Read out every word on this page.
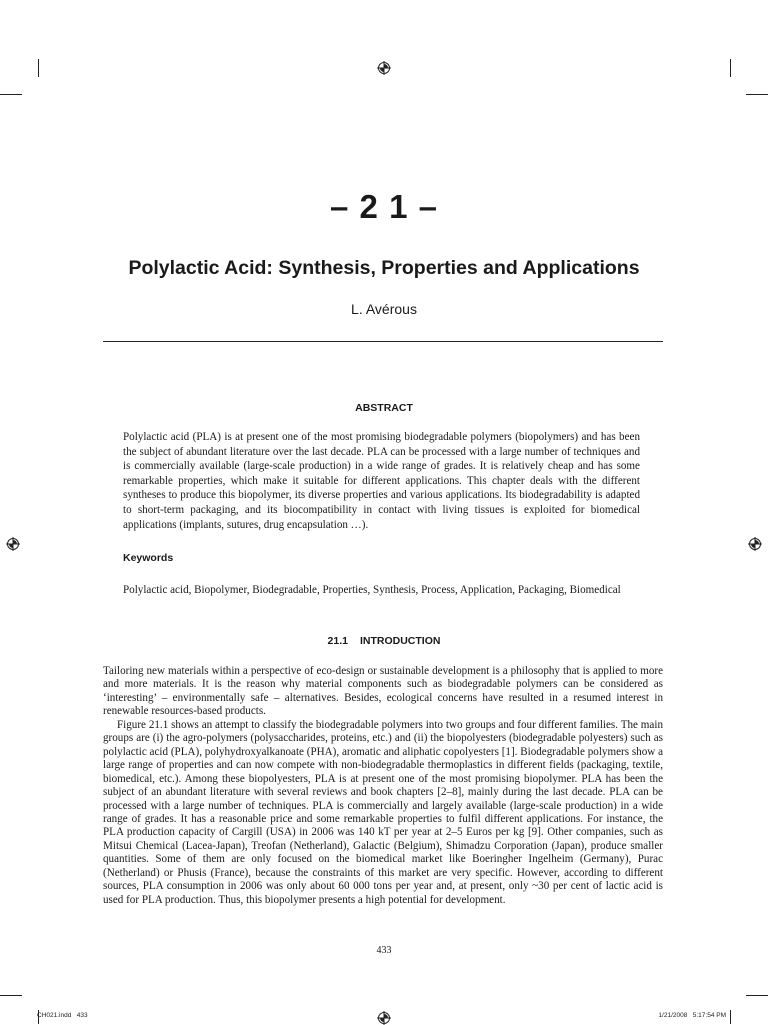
– 2 1 –
Polylactic Acid: Synthesis, Properties and Applications
L. Avérous
ABSTRACT

Polylactic acid (PLA) is at present one of the most promising biodegradable polymers (biopolymers) and has been the subject of abundant literature over the last decade. PLA can be processed with a large number of techniques and is commercially available (large-scale production) in a wide range of grades. It is relatively cheap and has some remarkable properties, which make it suitable for different applications. This chapter deals with the different syntheses to produce this biopolymer, its diverse properties and various applications. Its biodegradability is adapted to short-term packaging, and its biocompatibility in contact with living tissues is exploited for biomedical applications (implants, sutures, drug encapsulation …).

Keywords

Polylactic acid, Biopolymer, Biodegradable, Properties, Synthesis, Process, Application, Packaging, Biomedical

21.1 INTRODUCTION

Tailoring new materials within a perspective of eco-design or sustainable development is a philosophy that is applied to more and more materials. It is the reason why material components such as biodegradable polymers can be considered as ‘interesting’ – environmentally safe – alternatives. Besides, ecological concerns have resulted in a resumed interest in renewable resources-based products.

Figure 21.1 shows an attempt to classify the biodegradable polymers into two groups and four different families. The main groups are (i) the agro-polymers (polysaccharides, proteins, etc.) and (ii) the biopolyesters (biodegradable polyesters) such as polylactic acid (PLA), polyhydroxyalkanoate (PHA), aromatic and aliphatic copolyesters [1]. Biodegradable polymers show a large range of properties and can now compete with non-biodegradable thermoplastics in different fields (packaging, textile, biomedical, etc.). Among these biopolyesters, PLA is at present one of the most promising biopolymer. PLA has been the subject of an abundant literature with several reviews and book chapters [2–8], mainly during the last decade. PLA can be processed with a large number of techniques. PLA is commercially and largely available (large-scale production) in a wide range of grades. It has a reasonable price and some remarkable properties to fulfil different applications. For instance, the PLA production capacity of Cargill (USA) in 2006 was 140 kT per year at 2–5 Euros per kg [9]. Other companies, such as Mitsui Chemical (Lacea-Japan), Treofan (Netherland), Galactic (Belgium), Shimadzu Corporation (Japan), produce smaller quantities. Some of them are only focused on the biomedical market like Boeringher Ingelheim (Germany), Purac (Netherland) or Phusis (France), because the constraints of this market are very specific. However, according to different sources, PLA consumption in 2006 was only about 60 000 tons per year and, at present, only ~30 per cent of lactic acid is used for PLA production. Thus, this biopolymer presents a high potential for development.

433
CH021.indd   433	1/21/2008   5:17:54 PM
